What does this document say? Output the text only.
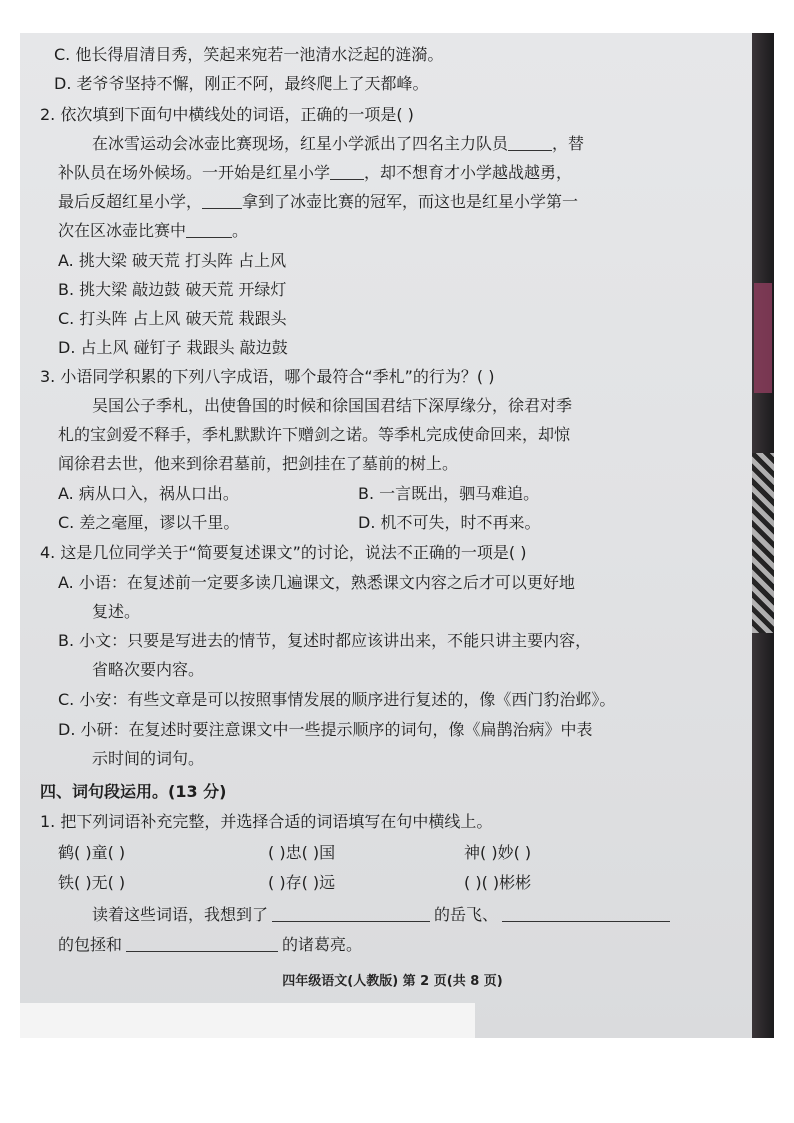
C. 他长得眉清目秀，笑起来宛若一池清水泛起的涟漪。
D. 老爷爷坚持不懈，刚正不阿，最终爬上了天都峰。
2. 依次填到下面句中横线处的词语，正确的一项是( )
在冰雪运动会冰壶比赛现场，红星小学派出了四名主力队员	，替
补队员在场外候场。一开始是红星小学 ，却不想育才小学越战越勇，
最后反超红星小学，	拿到了冰壶比赛的冠军，而这也是红星小学第一
次在区冰壶比赛中	。
A. 挑大梁 破天荒 打头阵 占上风
B. 挑大梁 敲边鼓 破天荒 开绿灯
C. 打头阵 占上风 破天荒 栽跟头
D. 占上风 碰钉子 栽跟头 敲边鼓
3. 小语同学积累的下列八字成语，哪个最符合“季札”的行为？( )
吴国公子季札，出使鲁国的时候和徐国国君结下深厚缘分，徐君对季
札的宝剑爱不释手，季札默默许下赠剑之诺。等季札完成使命回来，却惊
闻徐君去世，他来到徐君墓前，把剑挂在了墓前的树上。
A. 病从口入，祸从口出。	B. 一言既出，驷马难追。
C. 差之毫厘，谬以千里。	D. 机不可失，时不再来。
4. 这是几位同学关于“简要复述课文”的讨论，说法不正确的一项是( )
A. 小语：在复述前一定要多读几遍课文，熟悉课文内容之后才可以更好地
复述。
B. 小文：只要是写进去的情节，复述时都应该讲出来，不能只讲主要内容，
省略次要内容。
C. 小安：有些文章是可以按照事情发展的顺序进行复述的，像《西门豹治邺》。
D. 小研：在复述时要注意课文中一些提示顺序的词句，像《扁鹊治病》中表
示时间的词句。
四、词句段运用。(13 分)
1. 把下列词语补充完整，并选择合适的词语填写在句中横线上。
鹤( )童( )	( )忠( )国	神( )妙( )
铁( )无( )	( )存( )远	( )( )彬彬
读着这些词语，我想到了	的岳飞、
的包拯和	的诸葛亮。
四年级语文(人教版) 第 2 页(共 8 页)
